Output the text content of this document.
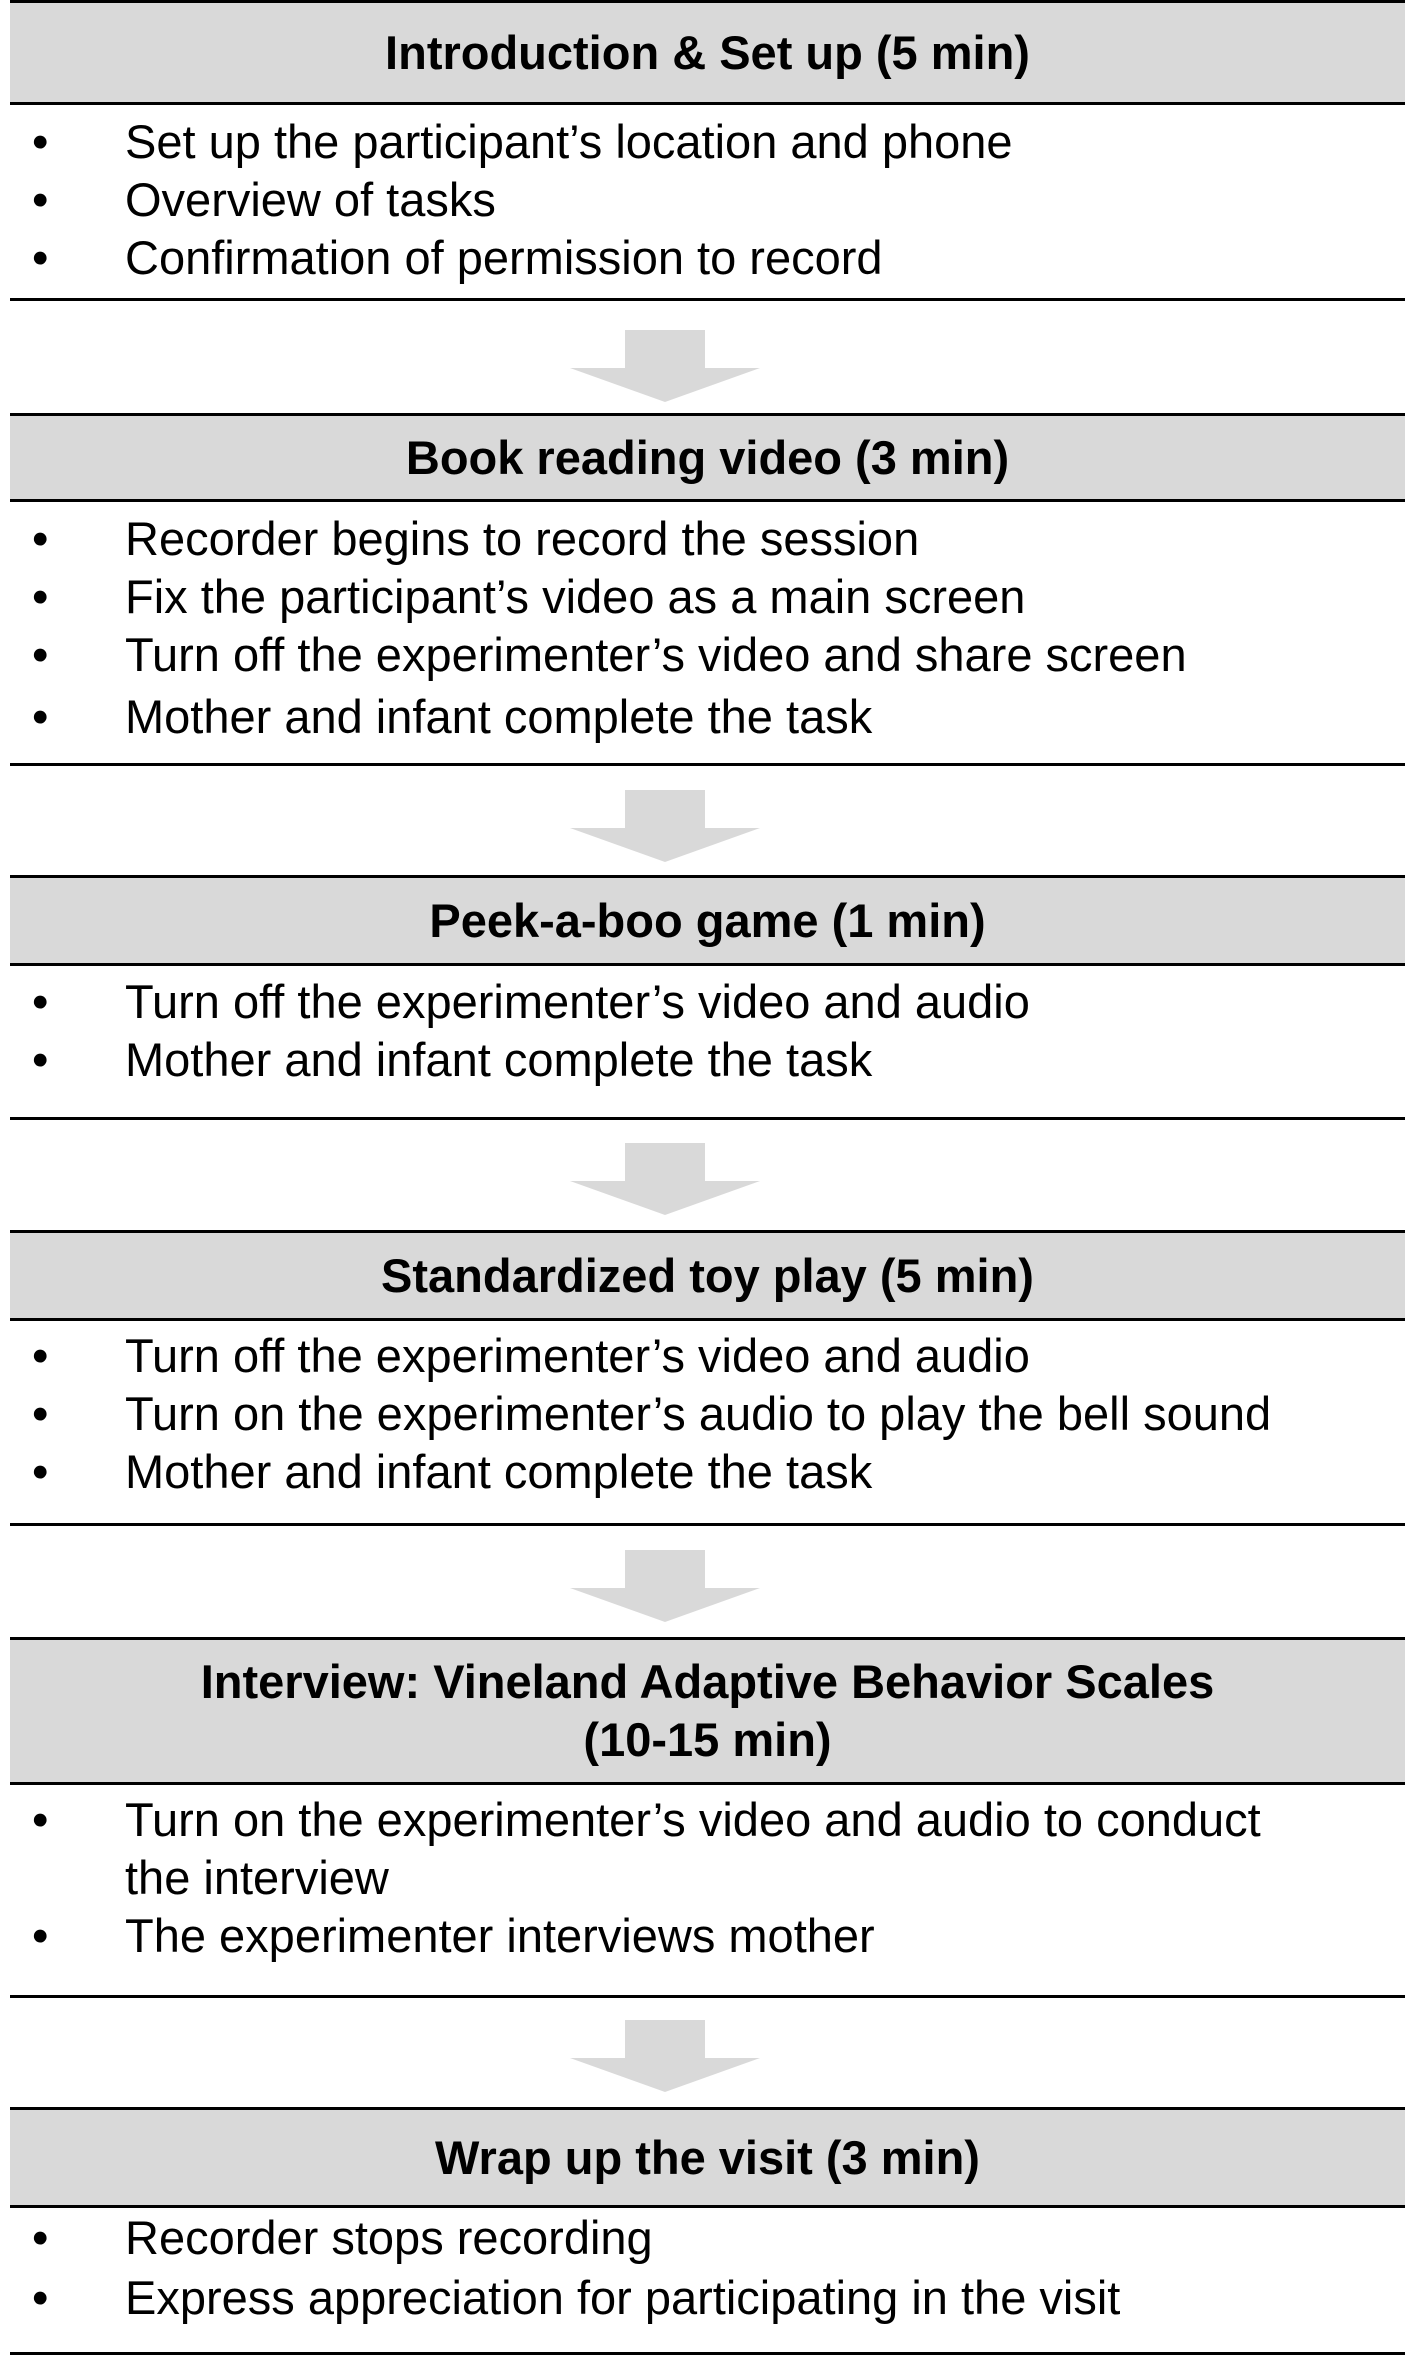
Introduction & Set up (5 min)
• Set up the participant’s location and phone
• Overview of tasks
• Confirmation of permission to record
Book reading video (3 min)
• Recorder begins to record the session
• Fix the participant’s video as a main screen
• Turn off the experimenter’s video and share screen
• Mother and infant complete the task
Peek-a-boo game (1 min)
• Turn off the experimenter’s video and audio
• Mother and infant complete the task
Standardized toy play (5 min)
• Turn off the experimenter’s video and audio
• Turn on the experimenter’s audio to play the bell sound
• Mother and infant complete the task
Interview: Vineland Adaptive Behavior Scales
(10-15 min)
• Turn on the experimenter’s video and audio to conduct
the interview
• The experimenter interviews mother
Wrap up the visit (3 min)
• Recorder stops recording
• Express appreciation for participating in the visit
